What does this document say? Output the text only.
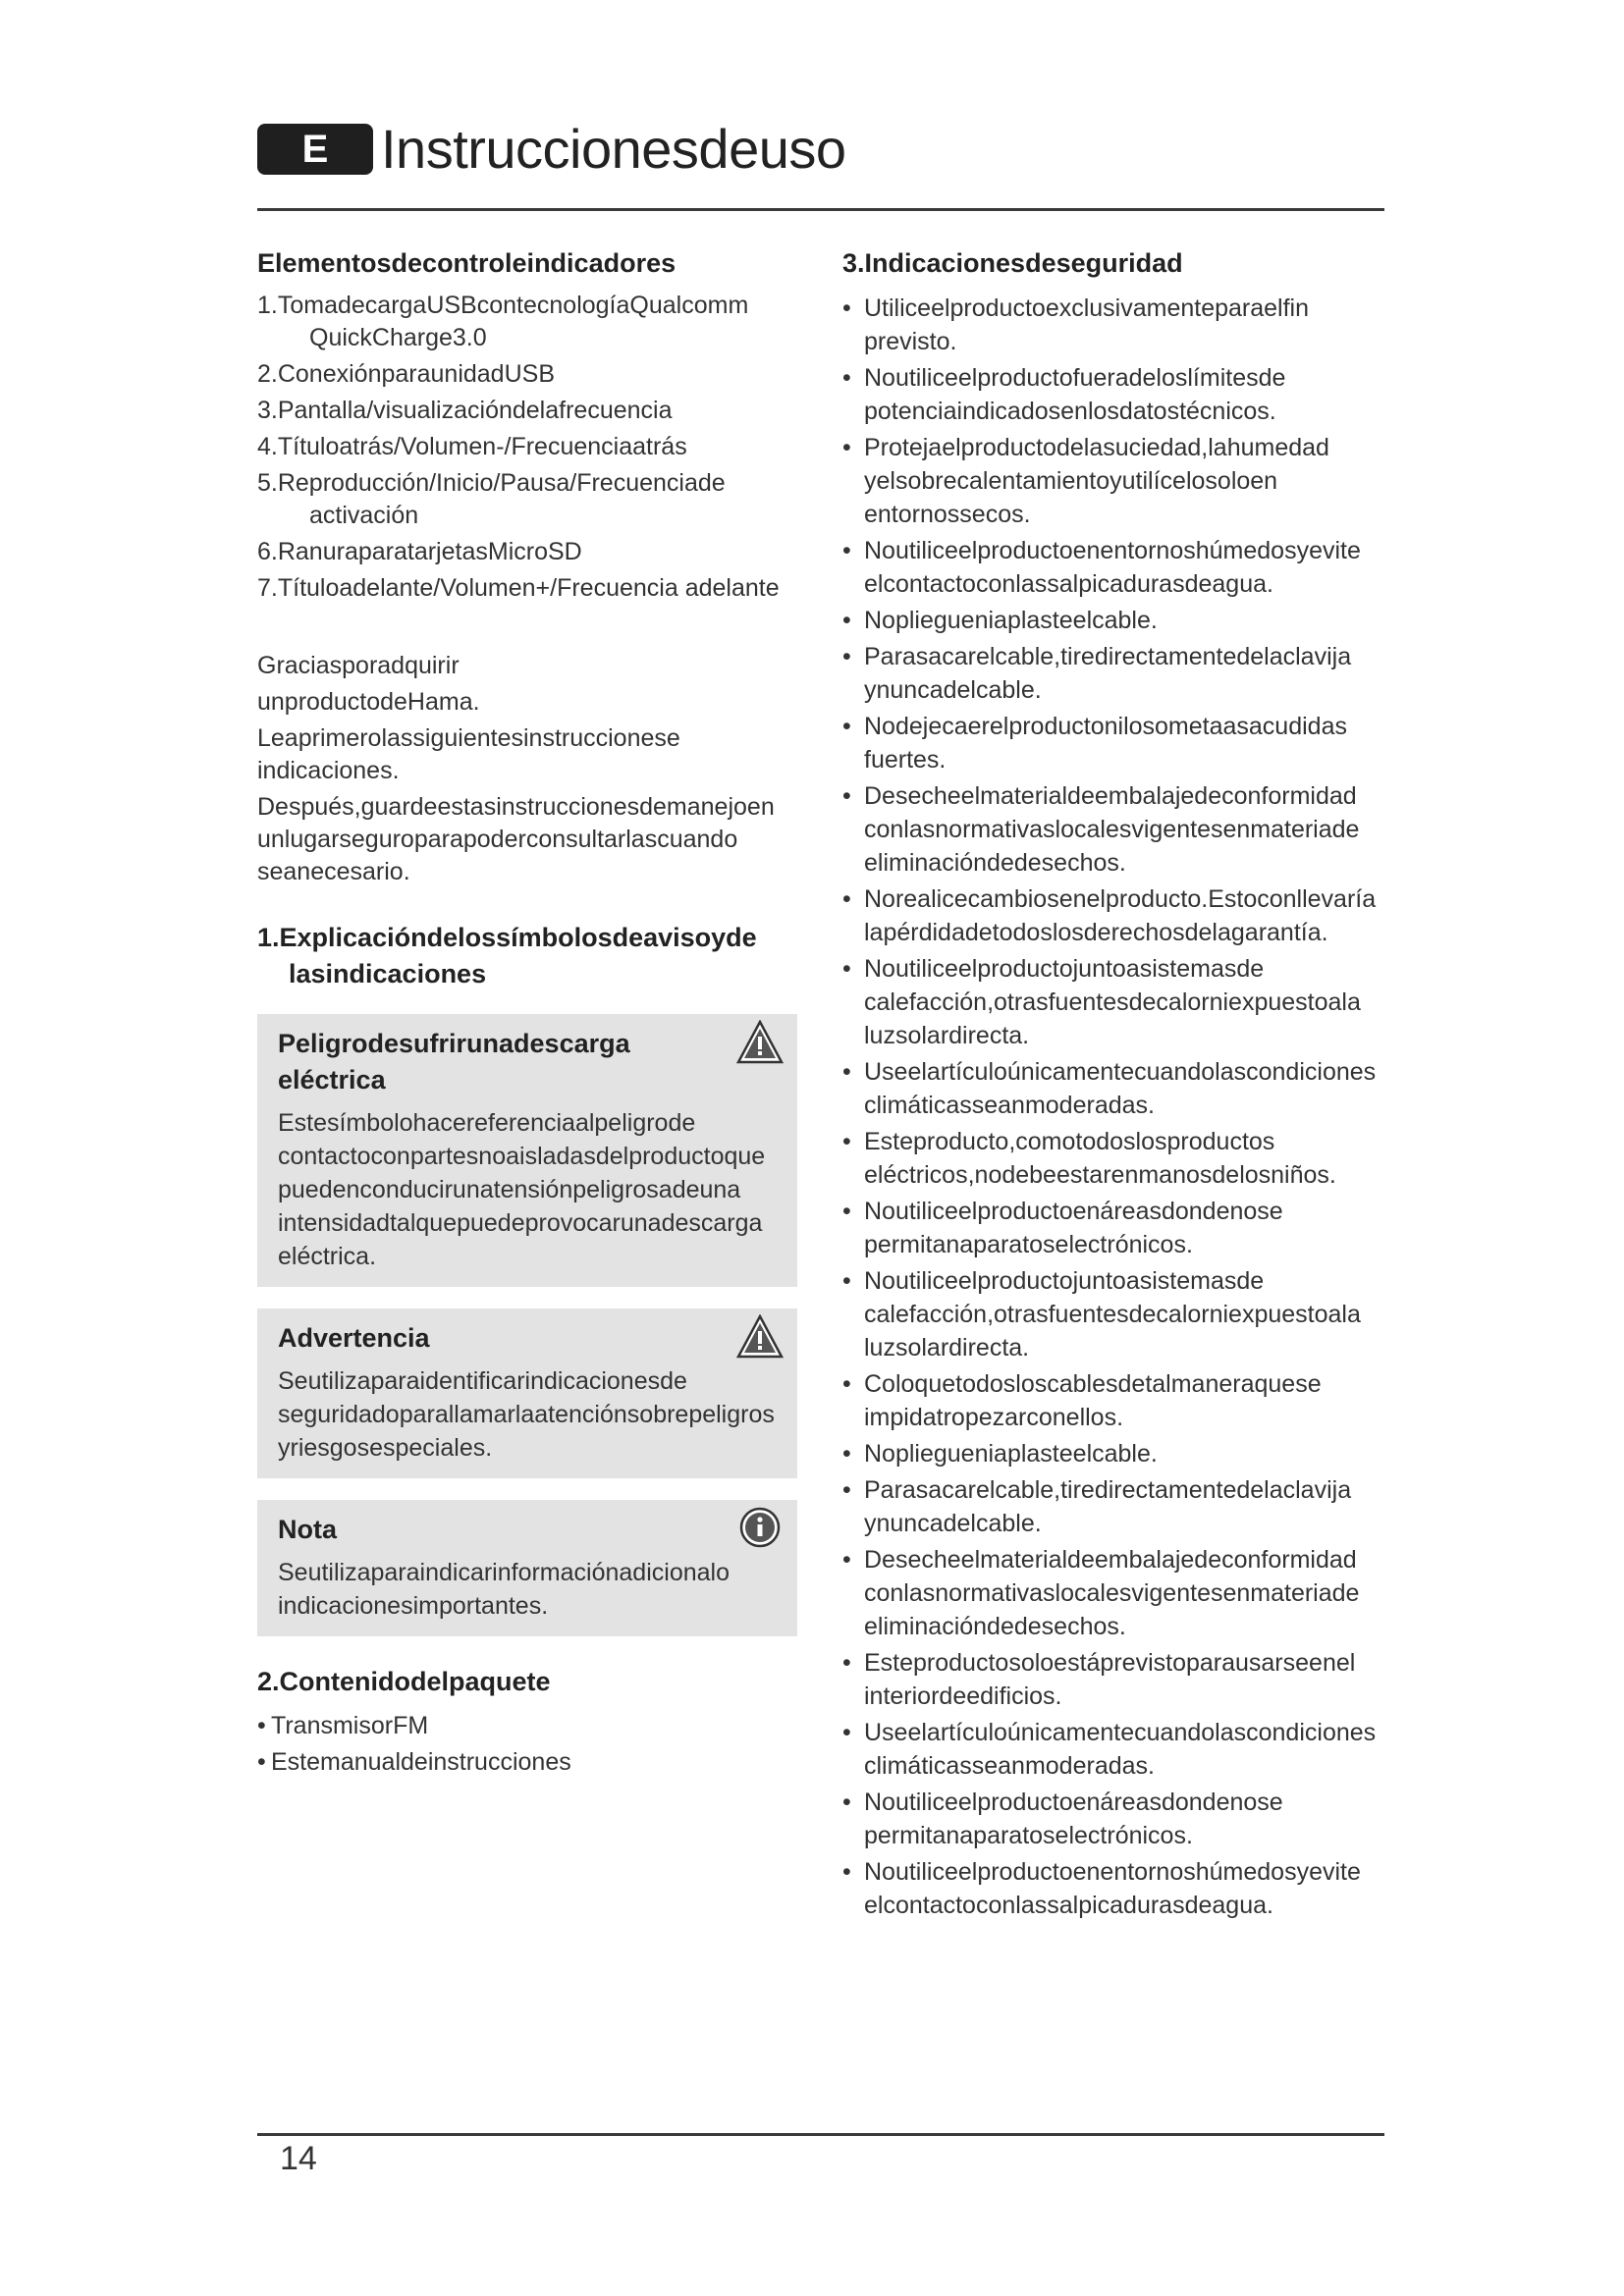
E Instruccionesdeuso
Elementosdecontroleindicadores
1.TomadecargaUSBcontecnologíaQualcomm QuickCharge3.0
2.ConexiónparaunidadUSB
3.Pantalla/visualizacióndelafrecuencia
4.Títuloatrás/Volumen-/Frecuenciaatrás
5.Reproducción/Inicio/Pausa/Frecuenciade activación
6.RanuraparatarjetasMicroSD
7.Títuloadelante/Volumen+/Frecuencia adelante

Graciasporadquirir

unproductodeHama.

Leaprimerolassiguientesinstruccionese indicaciones.

Después,guardeestasinstruccionesdemanejoen unlugarseguroparapoderconsultarlascuando seanecesario.

1.Explicacióndelossímbolosdeavisoyde lasindicaciones
Peligrodesufrirunadescarga eléctrica

Estesímbolohacereferenciaalpeligrode contactoconpartesnoaisladasdelproductoque puedenconducirunatensiónpeligrosadeuna intensidadtalquepuedeprovocarunadescarga eléctrica.

Advertencia

Seutilizaparaidentificarindicacionesde seguridadoparallamarlaatenciónsobrepeligros yriesgosespeciales.

Nota

Seutilizaparaindicarinformaciónadicionalo indicacionesimportantes.

2.Contenidodelpaquete
• TransmisorFM
• Estemanualdeinstrucciones
3.Indicacionesdeseguridad
• Utiliceelproductoexclusivamenteparaelfin previsto.
• Noutiliceelproductofueradeloslímitesde potenciaindicadosenlosdatostécnicos.
• Protejaelproductodelasuciedad,lahumedad yelsobrecalentamientoyutilícelosoloen entornossecos.
• Noutiliceelproductoenentornoshúmedosyevite elcontactoconlassalpicadurasdeagua.
• Nopliegueniaplasteelcable.
• Parasacarelcable,tiredirectamentedelaclavija ynuncadelcable.
• Nodejecaerelproductonilosometaasacudidas fuertes.
• Desecheelmaterialdeembalajedeconformidad conlasnormativaslocalesvigentesenmateriade eliminacióndedesechos.
• Norealicecambiosenelproducto.Estoconllevaría lapérdidadetodoslosderechosdelagarantía.
• Noutiliceelproductojuntoasistemasde calefacción,otrasfuentesdecalorniexpuestoala luzsolardirecta.
• Useelartículoúnicamentecuandolascondiciones climáticasseanmoderadas.
• Esteproducto,comotodoslosproductos eléctricos,nodebeestarenmanosdelosniños.
• Noutiliceelproductoenáreasdondenose permitanaparatoselectrónicos.
• Noutiliceelproductojuntoasistemasde calefacción,otrasfuentesdecalorniexpuestoala luzsolardirecta.
• Coloquetodosloscablesdetalmaneraquese impidatropezarconellos.
• Nopliegueniaplasteelcable.
• Parasacarelcable,tiredirectamentedelaclavija ynuncadelcable.
• Desecheelmaterialdeembalajedeconformidad conlasnormativaslocalesvigentesenmateriade eliminacióndedesechos.
• Esteproductosoloestáprevistoparausarseenel interiordeedificios.
• Useelartículoúnicamentecuandolascondiciones climáticasseanmoderadas.
• Noutiliceelproductoenáreasdondenose permitanaparatoselectrónicos.
• Noutiliceelproductoenentornoshúmedosyevite elcontactoconlassalpicadurasdeagua.
14
